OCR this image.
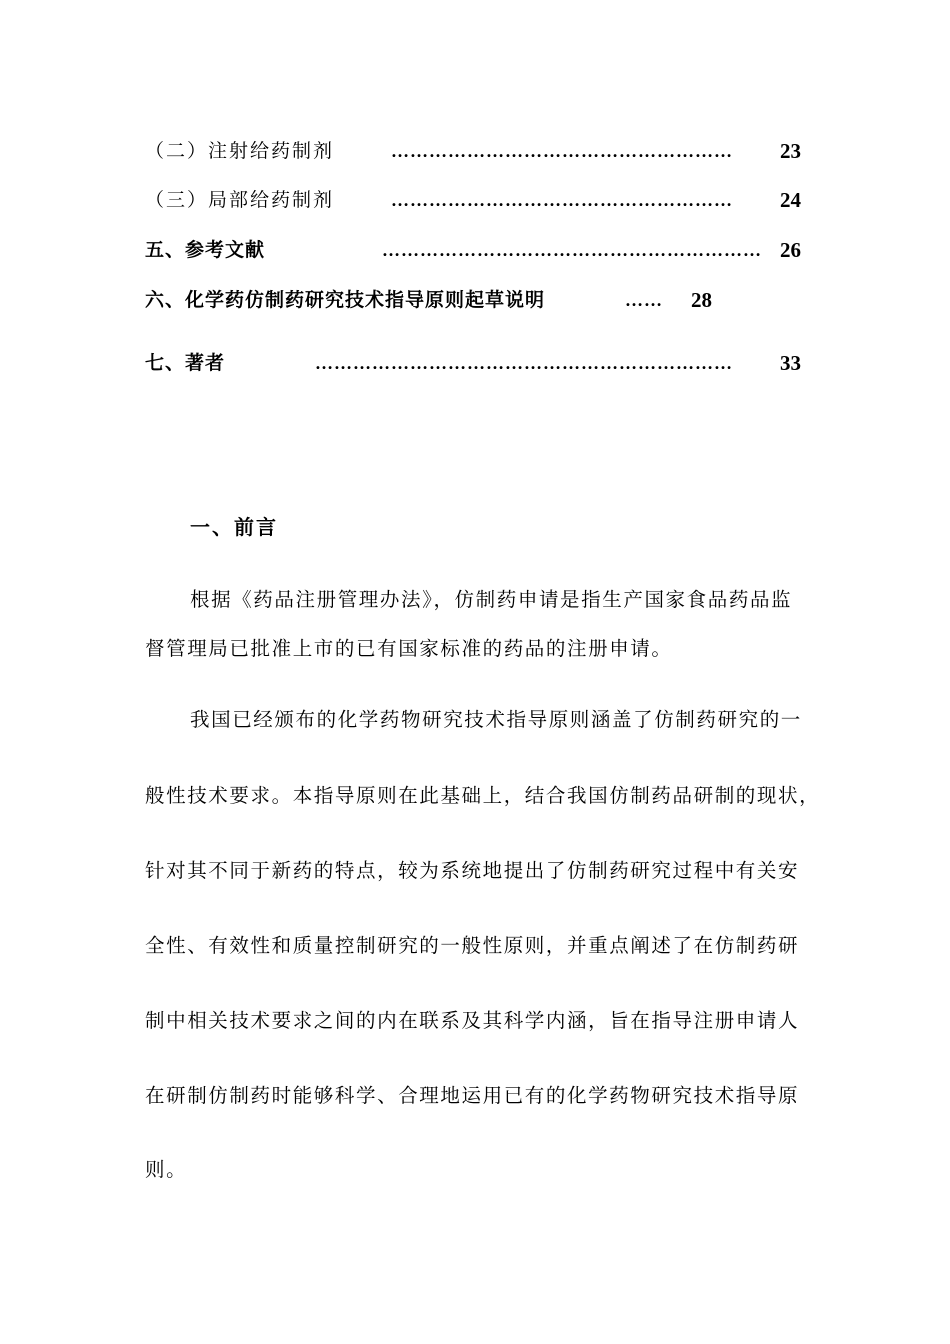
（二）注射给药制剂	……………………………………………… 23
（三）局部给药制剂	……………………………………………… 24
五、参考文献	…………………………………………………… 26
六、化学药仿制药研究技术指导原则起草说明	…… 28
七、著者	………………………………………………………… 33
一、前言

根据《药品注册管理办法》，仿制药申请是指生产国家食品药品监

督管理局已批准上市的已有国家标准的药品的注册申请。

我国已经颁布的化学药物研究技术指导原则涵盖了仿制药研究的一

般性技术要求。本指导原则在此基础上，结合我国仿制药品研制的现状，

针对其不同于新药的特点，较为系统地提出了仿制药研究过程中有关安

全性、有效性和质量控制研究的一般性原则，并重点阐述了在仿制药研

制中相关技术要求之间的内在联系及其科学内涵，旨在指导注册申请人

在研制仿制药时能够科学、合理地运用已有的化学药物研究技术指导原

则。
